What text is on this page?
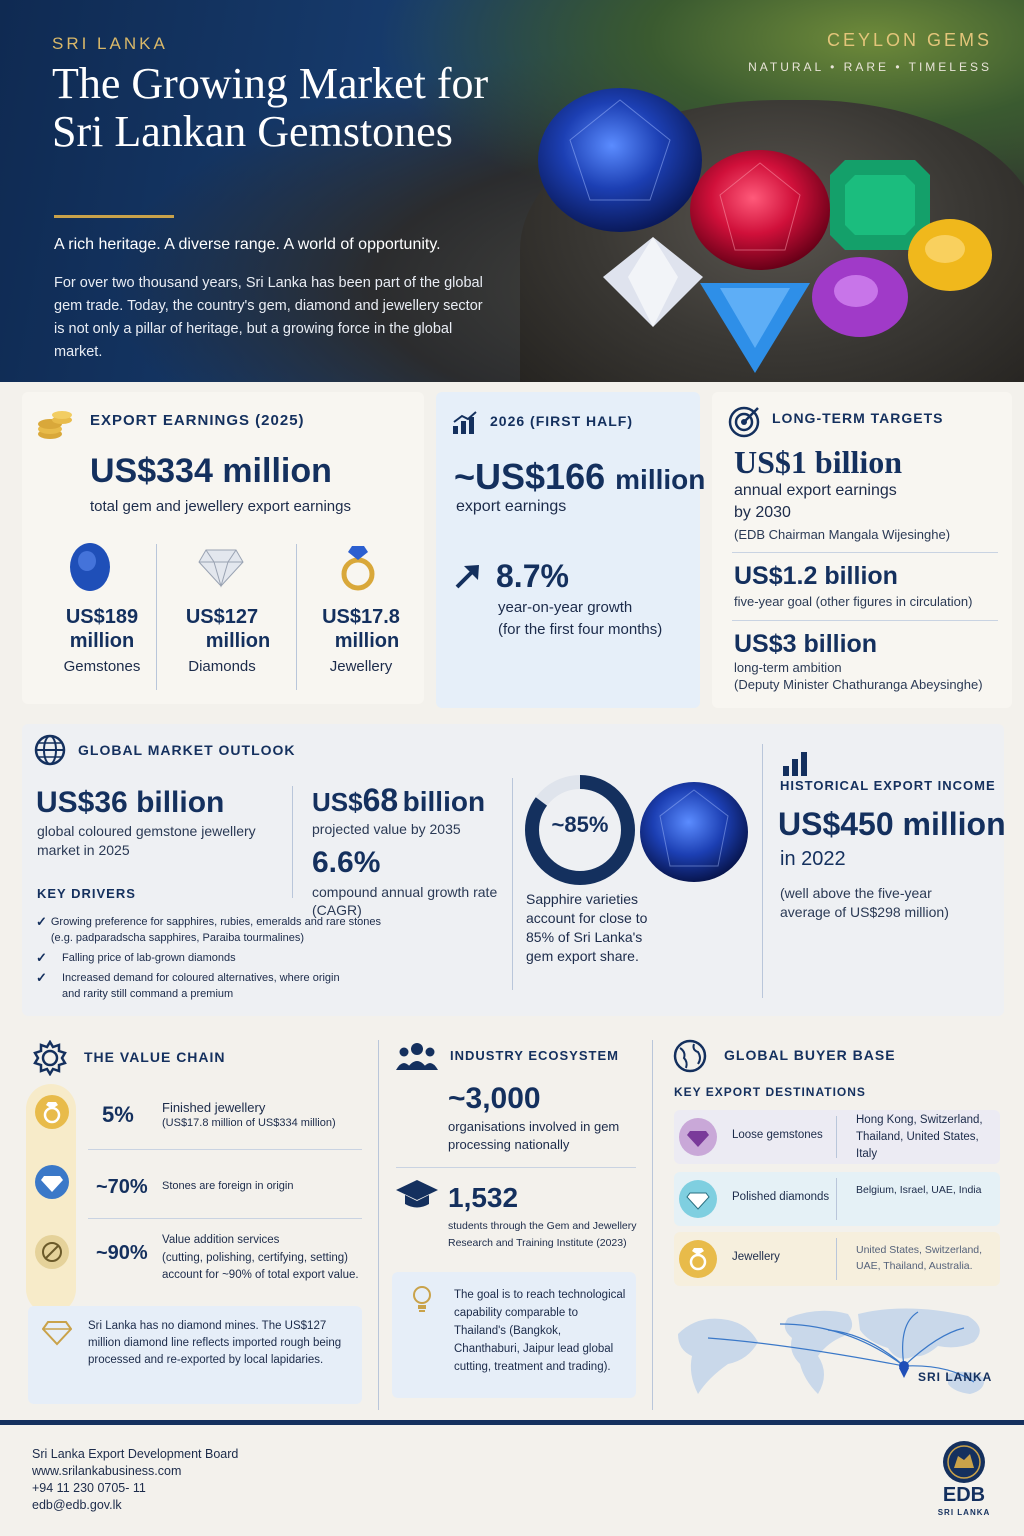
SRI LANKA
The Growing Market for Sri Lankan Gemstones
A rich heritage. A diverse range. A world of opportunity.
For over two thousand years, Sri Lanka has been part of the global gem trade. Today, the country's gem, diamond and jewellery sector is not only a pillar of heritage, but a growing force in the global market.
CEYLON GEMS
NATURAL • RARE • TIMELESS
EXPORT EARNINGS (2025)
US$334 million
total gem and jewellery export earnings
US$189
million
Gemstones
US$127
million
Diamonds
US$17.8
million
Jewellery
2026 (FIRST HALF)
~US$166 million
export earnings
8.7%
year-on-year growth
(for the first four months)
LONG-TERM TARGETS
US$1 billion
annual export earnings
by 2030
(EDB Chairman Mangala Wijesinghe)
US$1.2 billion
five-year goal (other figures in circulation)
US$3 billion
long-term ambition
(Deputy Minister Chathuranga Abeysinghe)
GLOBAL MARKET OUTLOOK
US$36 billion
global coloured gemstone jewellery market in 2025
US$68 billion
projected value by 2035
6.6%
compound annual growth rate (CAGR)
KEY DRIVERS
✓ Growing preference for sapphires, rubies, emeralds and rare stones (e.g. padparadscha sapphires, Paraiba tourmalines)
✓	Falling price of lab-grown diamonds
✓	Increased demand for coloured alternatives, where origin and rarity still command a premium
~85%
Sapphire varieties account for close to 85% of Sri Lanka's gem export share.
HISTORICAL EXPORT INCOME
US$450 million
in 2022
(well above the five-year average of US$298 million)
THE VALUE CHAIN
5% Finished jewellery
(US$17.8 million of US$334 million)
~70% Stones are foreign in origin
~90%
Value addition services
(cutting, polishing, certifying, setting) account for ~90% of total export value.
Sri Lanka has no diamond mines. The US$127 million diamond line reflects imported rough being processed and re-exported by local lapidaries.
INDUSTRY ECOSYSTEM
~3,000
organisations involved in gem processing nationally
1,532
students through the Gem and Jewellery Research and Training Institute (2023)
The goal is to reach technological capability comparable to Thailand's (Bangkok, Chanthaburi, Jaipur lead global cutting, treatment and trading).
GLOBAL BUYER BASE
KEY EXPORT DESTINATIONS
Loose gemstones
Hong Kong, Switzerland, Thailand, United States, Italy
Polished diamonds
Belgium, Israel, UAE, India
Jewellery
United States, Switzerland, UAE, Thailand, Australia.
SRI LANKA
Sri Lanka Export Development Board
www.srilankabusiness.com
+94 11 230 0705- 11
edb@edb.gov.lk	EDB
SRI LANKA
